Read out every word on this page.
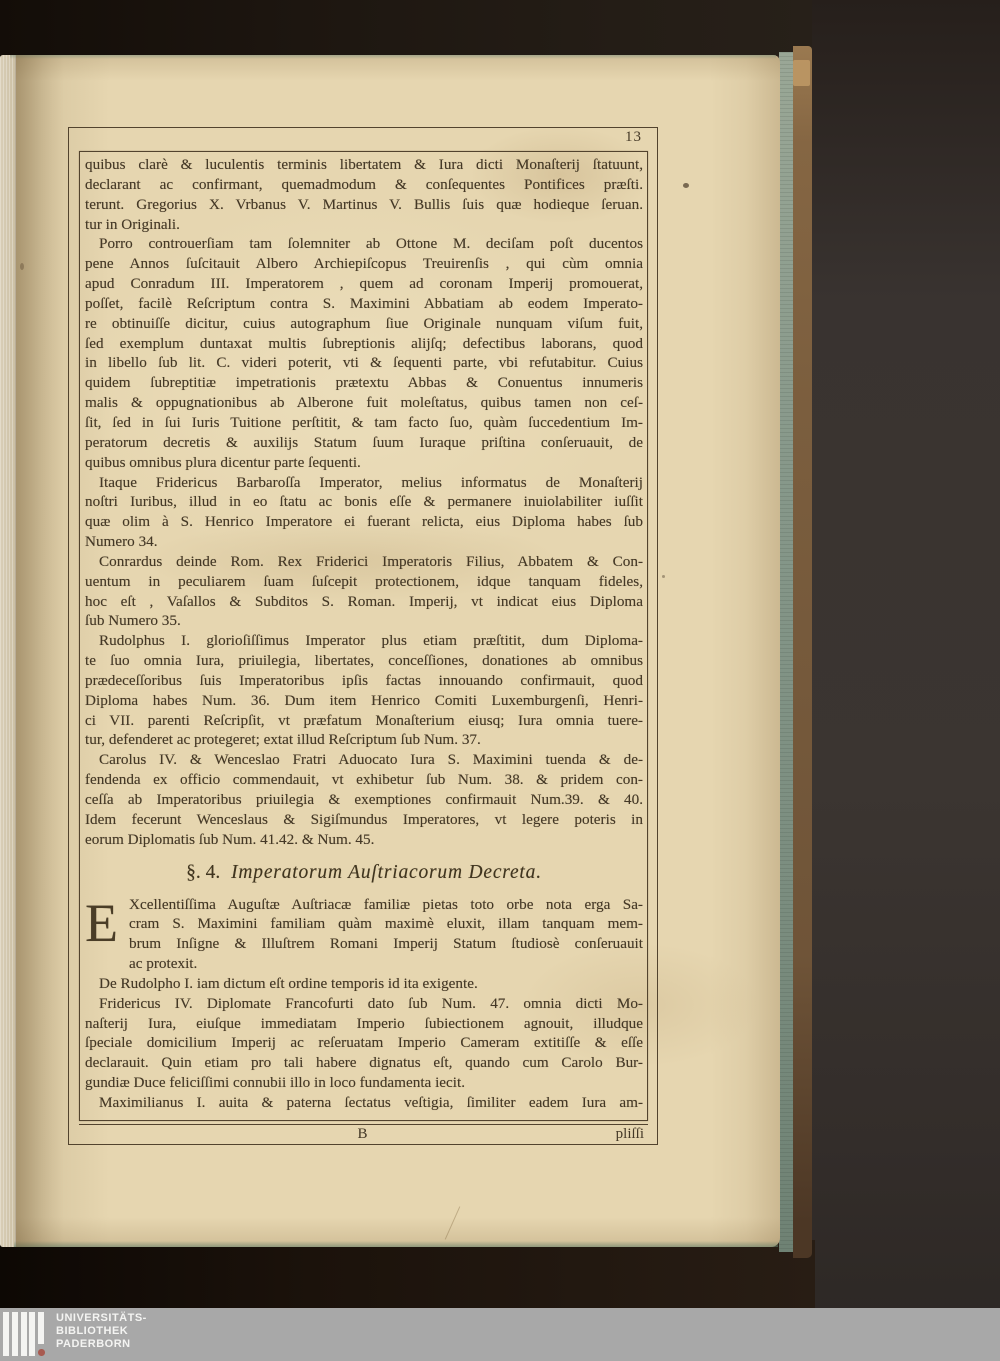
13
quibus clarè & luculentis terminis libertatem & Iura dicti Monaſterij ſtatuunt,
declarant ac confirmant, quemadmodum & conſequentes Pontifices præſti.
terunt. Gregorius X. Vrbanus V. Martinus V. Bullis ſuis quæ hodieque ſeruan.
tur in Originali.
Porro controuerſiam tam ſolemniter ab Ottone M. deciſam poſt ducentos
pene Annos ſuſcitauit Albero Archiepiſcopus Treuirenſis , qui cùm omnia
apud Conradum III. Imperatorem , quem ad coronam Imperij promouerat,
poſſet, facilè Reſcriptum contra S. Maximini Abbatiam ab eodem Imperato-
re obtinuiſſe dicitur, cuius autographum ſiue Originale nunquam viſum fuit,
ſed exemplum duntaxat multis ſubreptionis alijſq; defectibus laborans, quod
in libello ſub lit. C. videri poterit, vti & ſequenti parte, vbi refutabitur. Cuius
quidem ſubreptitiæ impetrationis prætextu Abbas & Conuentus innumeris
malis & oppugnationibus ab Alberone fuit moleſtatus, quibus tamen non ceſ-
ſit, ſed in ſui Iuris Tuitione perſtitit, & tam facto ſuo, quàm ſuccedentium Im-
peratorum decretis & auxilijs Statum ſuum Iuraque priſtina conſeruauit, de
quibus omnibus plura dicentur parte ſequenti.
Itaque Fridericus Barbaroſſa Imperator, melius informatus de Monaſterij
noſtri Iuribus, illud in eo ſtatu ac bonis eſſe & permanere inuiolabiliter iuſſit
quæ olim à S. Henrico Imperatore ei fuerant relicta, eius Diploma habes ſub
Numero 34.
Conrardus deinde Rom. Rex Friderici Imperatoris Filius, Abbatem & Con-
uentum in peculiarem ſuam ſuſcepit protectionem, idque tanquam fideles,
hoc eſt , Vaſallos & Subditos S. Roman. Imperij, vt indicat eius Diploma
ſub Numero 35.
Rudolphus I. glorioſiſſimus Imperator plus etiam præſtitit, dum Diploma-
te ſuo omnia Iura, priuilegia, libertates, conceſſiones, donationes ab omnibus
prædeceſſoribus ſuis Imperatoribus ipſis factas innouando confirmauit, quod
Diploma habes Num. 36. Dum item Henrico Comiti Luxemburgenſi, Henri-
ci VII. parenti Reſcripſit, vt præfatum Monaſterium eiusq; Iura omnia tuere-
tur, defenderet ac protegeret; extat illud Reſcriptum ſub Num. 37.
Carolus IV. & Wenceslao Fratri Aduocato Iura S. Maximini tuenda & de-
fendenda ex officio commendauit, vt exhibetur ſub Num. 38. & pridem con-
ceſſa ab Imperatoribus priuilegia & exemptiones confirmauit Num.39. & 40.
Idem fecerunt Wenceslaus & Sigiſmundus Imperatores, vt legere poteris in
eorum Diplomatis ſub Num. 41.42. & Num. 45.
§. 4. Imperatorum Auſtriacorum Decreta.
E Xcellentiſſima Auguſtæ Auſtriacæ familiæ pietas toto orbe nota erga Sa-
cram S. Maximini familiam quàm maximè eluxit, illam tanquam mem-
brum Inſigne & Illuſtrem Romani Imperij Statum ſtudiosè conſeruauit
ac protexit.
De Rudolpho I. iam dictum eſt ordine temporis id ita exigente.
Fridericus IV. Diplomate Francofurti dato ſub Num. 47. omnia dicti Mo-
naſterij Iura, eiuſque immediatam Imperio ſubiectionem agnouit, illudque
ſpeciale domicilium Imperij ac reſeruatam Imperio Cameram extitiſſe & eſſe
declarauit. Quin etiam pro tali habere dignatus eſt, quando cum Carolo Bur-
gundiæ Duce feliciſſimi connubii illo in loco fundamenta iecit.
Maximilianus I. auita & paterna ſectatus veſtigia, ſimiliter eadem Iura am-
B	pliſſi
UNIVERSITÄTS-
BIBLIOTHEK
PADERBORN
